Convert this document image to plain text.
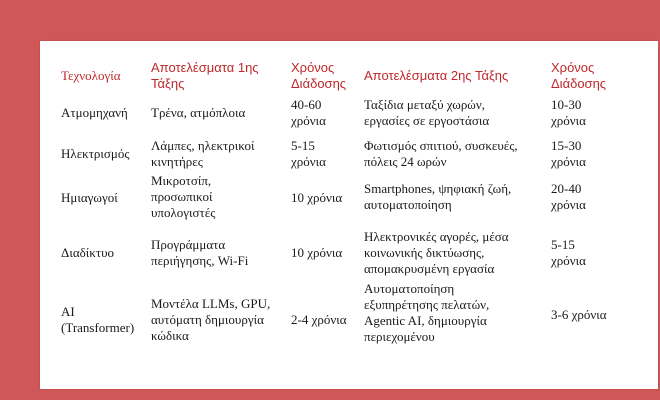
Τεχνολογία
Αποτελέσματα 1ης
Τάξης
Χρόνος
Διάδοσης
Αποτελέσματα 2ης Τάξης
Χρόνος
Διάδοσης
Ατμομηχανή Τρένα, ατμόπλοια
40-60
χρόνια
Ταξίδια μεταξύ χωρών,
εργασίες σε εργοστάσια
10-30
χρόνια
Ηλεκτρισμός
Λάμπες, ηλεκτρικοί
κινητήρες
5-15
χρόνια
Φωτισμός σπιτιού, συσκευές,
πόλεις 24 ωρών
15-30
χρόνια
Ημιαγωγοί
Μικροτσίπ,
προσωπικοί
υπολογιστές
10 χρόνια
Smartphones, ψηφιακή ζωή,
αυτοματοποίηση
20-40
χρόνια
Διαδίκτυο
Προγράμματα
περιήγησης, Wi-Fi
10 χρόνια
Ηλεκτρονικές αγορές, μέσα
κοινωνικής δικτύωσης,
απομακρυσμένη εργασία
5-15
χρόνια
AI
(Transformer)
Μοντέλα LLMs, GPU,
αυτόματη δημιουργία
κώδικα
2-4 χρόνια
Αυτοματοποίηση
εξυπηρέτησης πελατών,
Agentic AI, δημιουργία
περιεχομένου
3-6 χρόνια
